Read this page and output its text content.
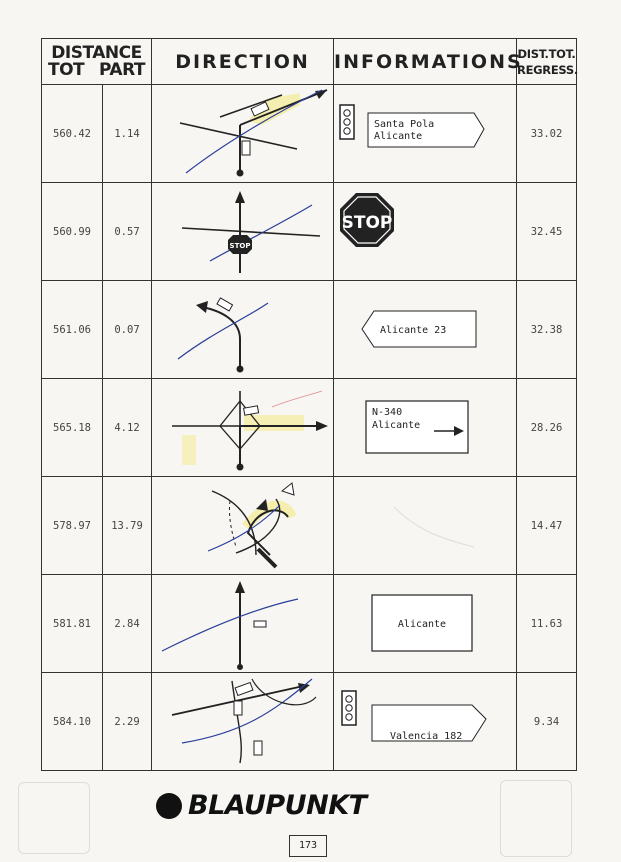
DISTANCE
TOT PART		DIRECTION	INFORMATIONS	DIST.TOT.
REGRESS.
560.42	1.14		Santa Pola
Alicante	33.02
560.99	0.57	STOP	STOP	32.45
561.06	0.07		Alicante 23	32.38
565.18	4.12		N-340
Alicante	28.26
578.97	13.79			14.47
581.81	2.84		Alicante	11.63
584.10	2.29		Valencia 182	9.34
BLAUPUNKT
173
